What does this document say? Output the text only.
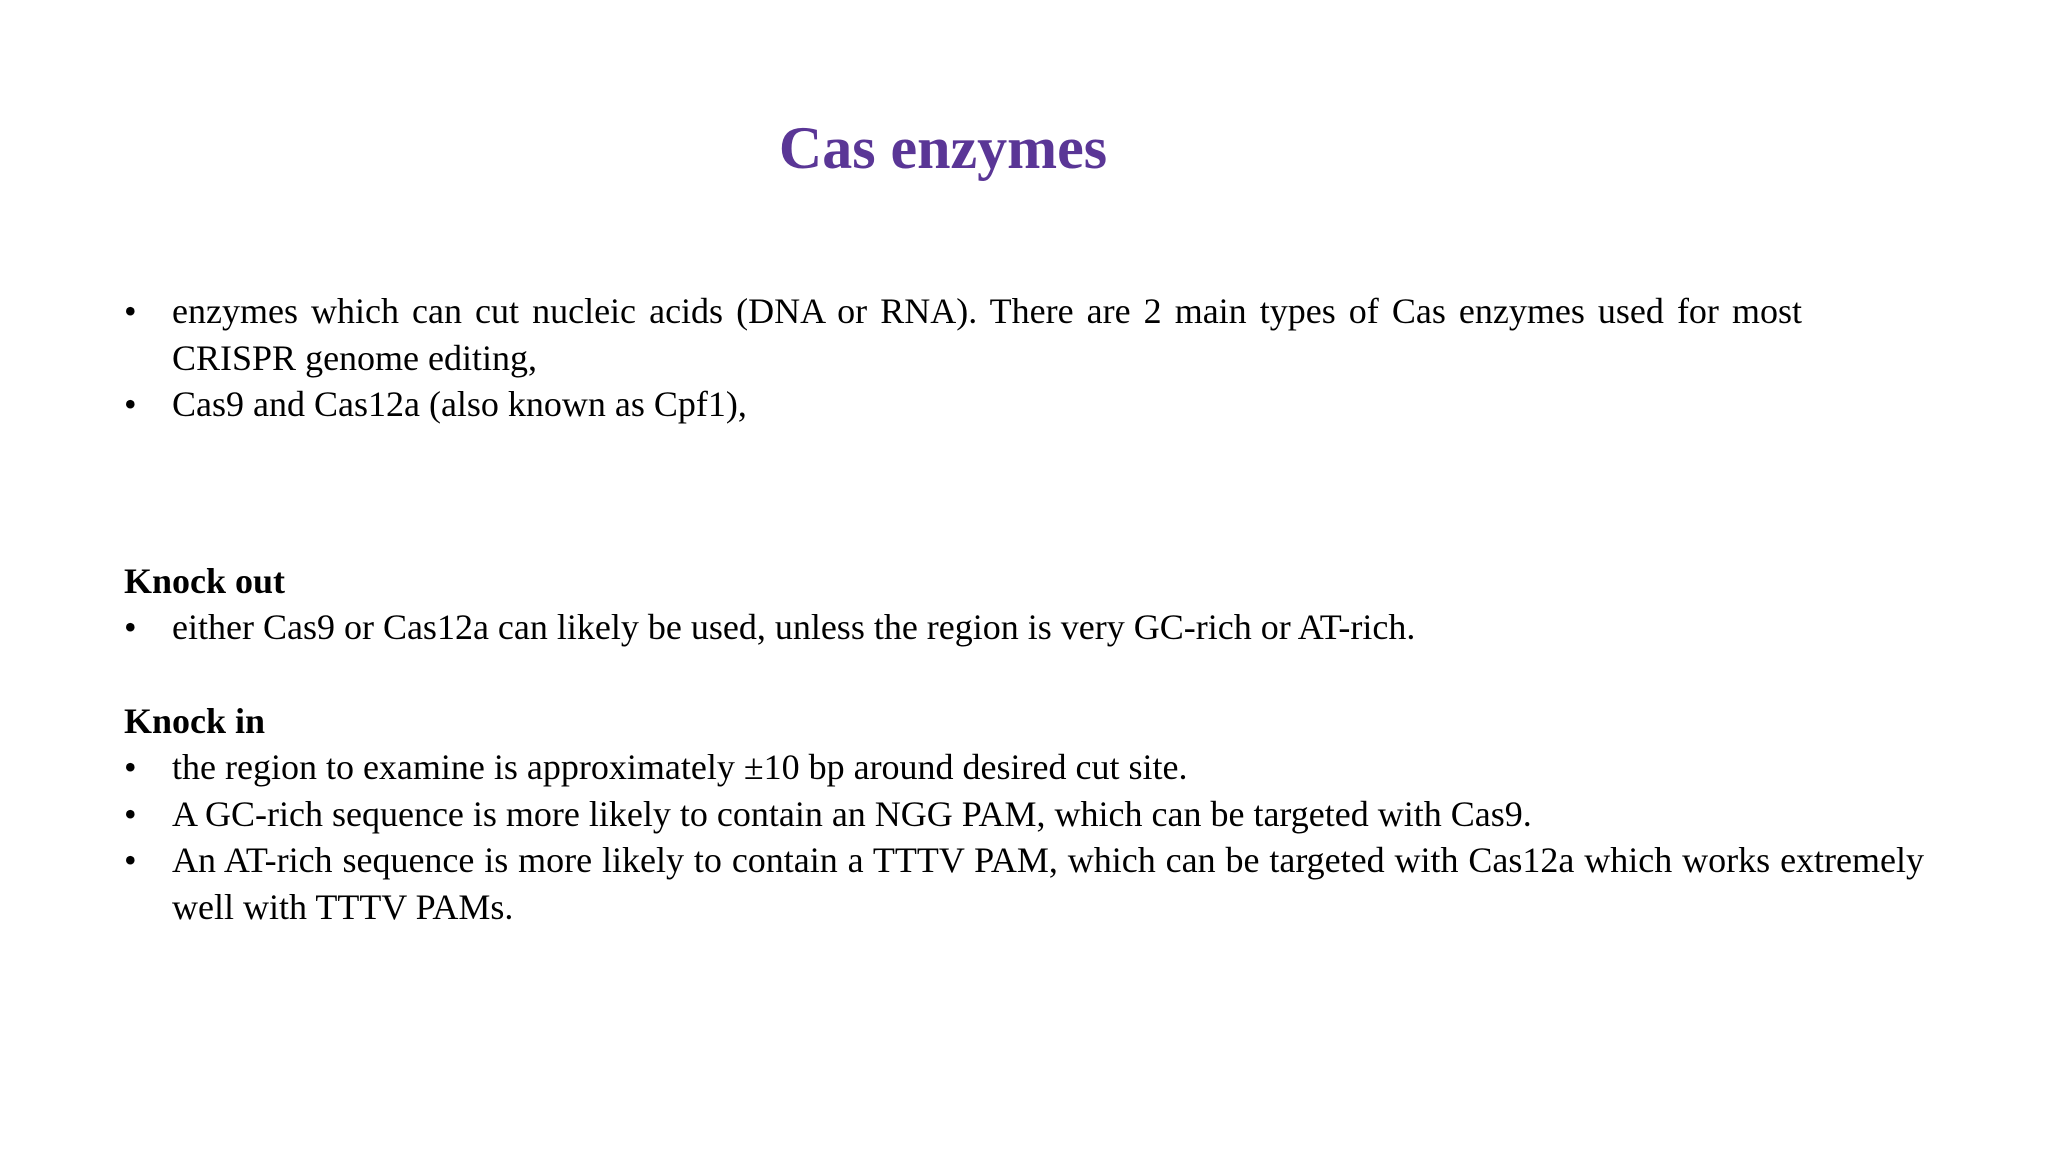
Cas enzymes
• enzymes which can cut nucleic acids (DNA or RNA). There are 2 main types of Cas enzymes used for most CRISPR genome editing,
• Cas9 and Cas12a (also known as Cpf1),

Knock out

• either Cas9 or Cas12a can likely be used, unless the region is very GC-rich or AT-rich.

Knock in

• the region to examine is approximately ±10 bp around desired cut site.
• A GC-rich sequence is more likely to contain an NGG PAM, which can be targeted with Cas9.
• An AT-rich sequence is more likely to contain a TTTV PAM, which can be targeted with Cas12a which works extremely well with TTTV PAMs.
